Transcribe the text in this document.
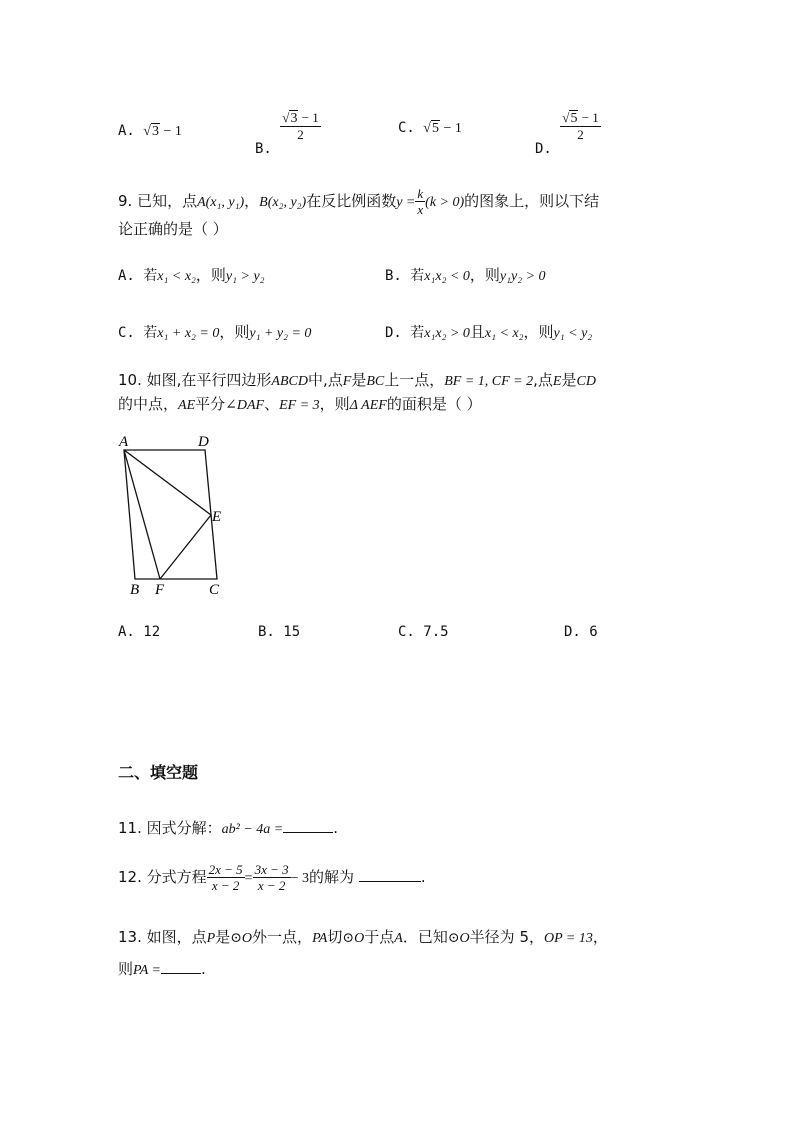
A. √3 − 1
B.
$\frac{√3 - 1}{2}$	C. √5 − 1
D.
$\frac{√5 - 1}{2}$
9. 已知，点A(x₁, y₁)，B(x₂, y₂)在反比例函数$y = \frac{k}{x} (k > 0)$的图象上，则以下结
论正确的是（ ）
A. 若x₁ < x₂，则y₁ > y₂	B. 若x₁x₂ < 0，则y₁y₂ > 0
C. 若x₁ + x₂ = 0，则y₁ + y₂ = 0	D. 若x₁x₂ > 0且x₁ < x₂，则y₁ < y₂
10. 如图,在平行四边形ABCD中,点F是BC上一点，BF = 1, CF = 2,点E是CD
的中点，AE平分∠DAF、EF = 3，则Δ AEF的面积是（ ）
A	D
E
B F	C
A. 12	B. 15	C. 7.5	D. 6
二、填空题
11. 因式分解：ab² − 4a =	.
12. 分式方程 $\frac{2x - 5}{x - 2} = \frac{3x - 3}{x - 2} - 3$的解为	.
13. 如图，点P是⊙O外一点，PA切⊙O于点A．已知⊙O半径为 5，OP = 13，
则PA =	.
